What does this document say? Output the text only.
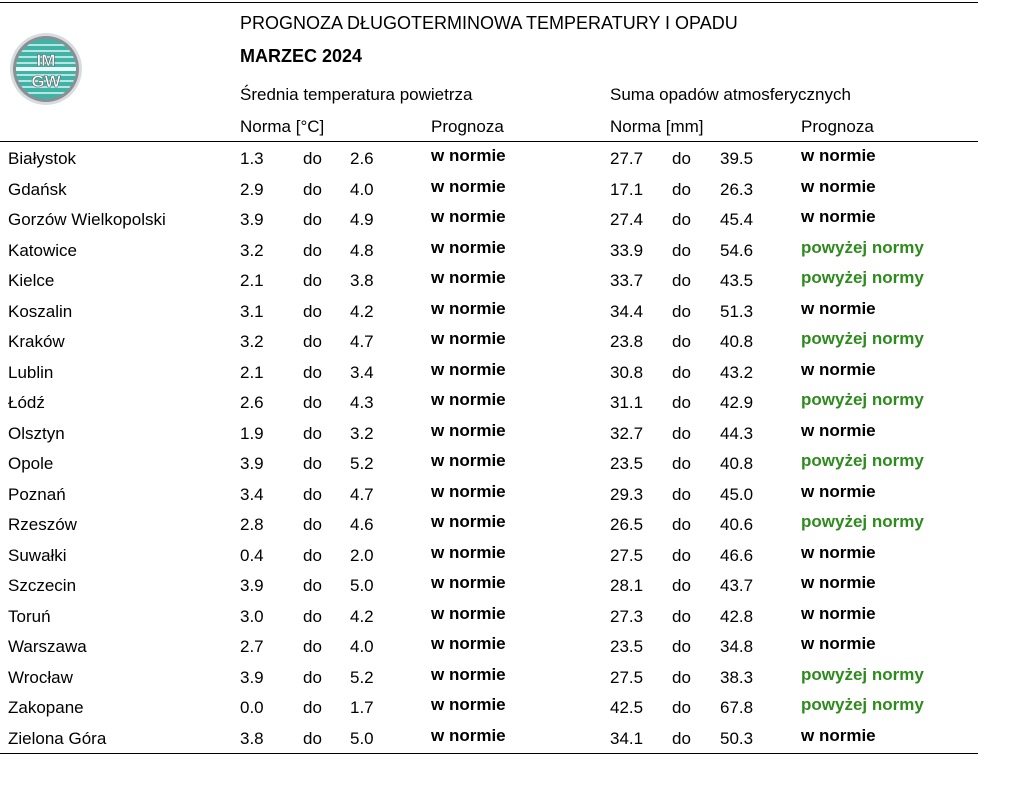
IM
GW
PROGNOZA DŁUGOTERMINOWA TEMPERATURY I OPADU
MARZEC 2024
Średnia temperatura powietrza	Suma opadów atmosferycznych
Norma [°C]	Prognoza	Norma [mm]	Prognoza
Białystok	1.3 do 2.6	w normie	27.7 do 39.5	w normie
Gdańsk	2.9 do 4.0	w normie	17.1 do 26.3	w normie
Gorzów Wielkopolski	3.9 do 4.9	w normie	27.4 do 45.4	w normie
Katowice	3.2 do 4.8	w normie	33.9 do 54.6	powyżej normy
Kielce	2.1 do 3.8	w normie	33.7 do 43.5	powyżej normy
Koszalin	3.1 do 4.2	w normie	34.4 do 51.3	w normie
Kraków	3.2 do 4.7	w normie	23.8 do 40.8	powyżej normy
Lublin	2.1 do 3.4	w normie	30.8 do 43.2	w normie
Łódź	2.6 do 4.3	w normie	31.1 do 42.9	powyżej normy
Olsztyn	1.9 do 3.2	w normie	32.7 do 44.3	w normie
Opole	3.9 do 5.2	w normie	23.5 do 40.8	powyżej normy
Poznań	3.4 do 4.7	w normie	29.3 do 45.0	w normie
Rzeszów	2.8 do 4.6	w normie	26.5 do 40.6	powyżej normy
Suwałki	0.4 do 2.0	w normie	27.5 do 46.6	w normie
Szczecin	3.9 do 5.0	w normie	28.1 do 43.7	w normie
Toruń	3.0 do 4.2	w normie	27.3 do 42.8	w normie
Warszawa	2.7 do 4.0	w normie	23.5 do 34.8	w normie
Wrocław	3.9 do 5.2	w normie	27.5 do 38.3	powyżej normy
Zakopane	0.0 do 1.7	w normie	42.5 do 67.8	powyżej normy
Zielona Góra	3.8 do 5.0	w normie	34.1 do 50.3	w normie
